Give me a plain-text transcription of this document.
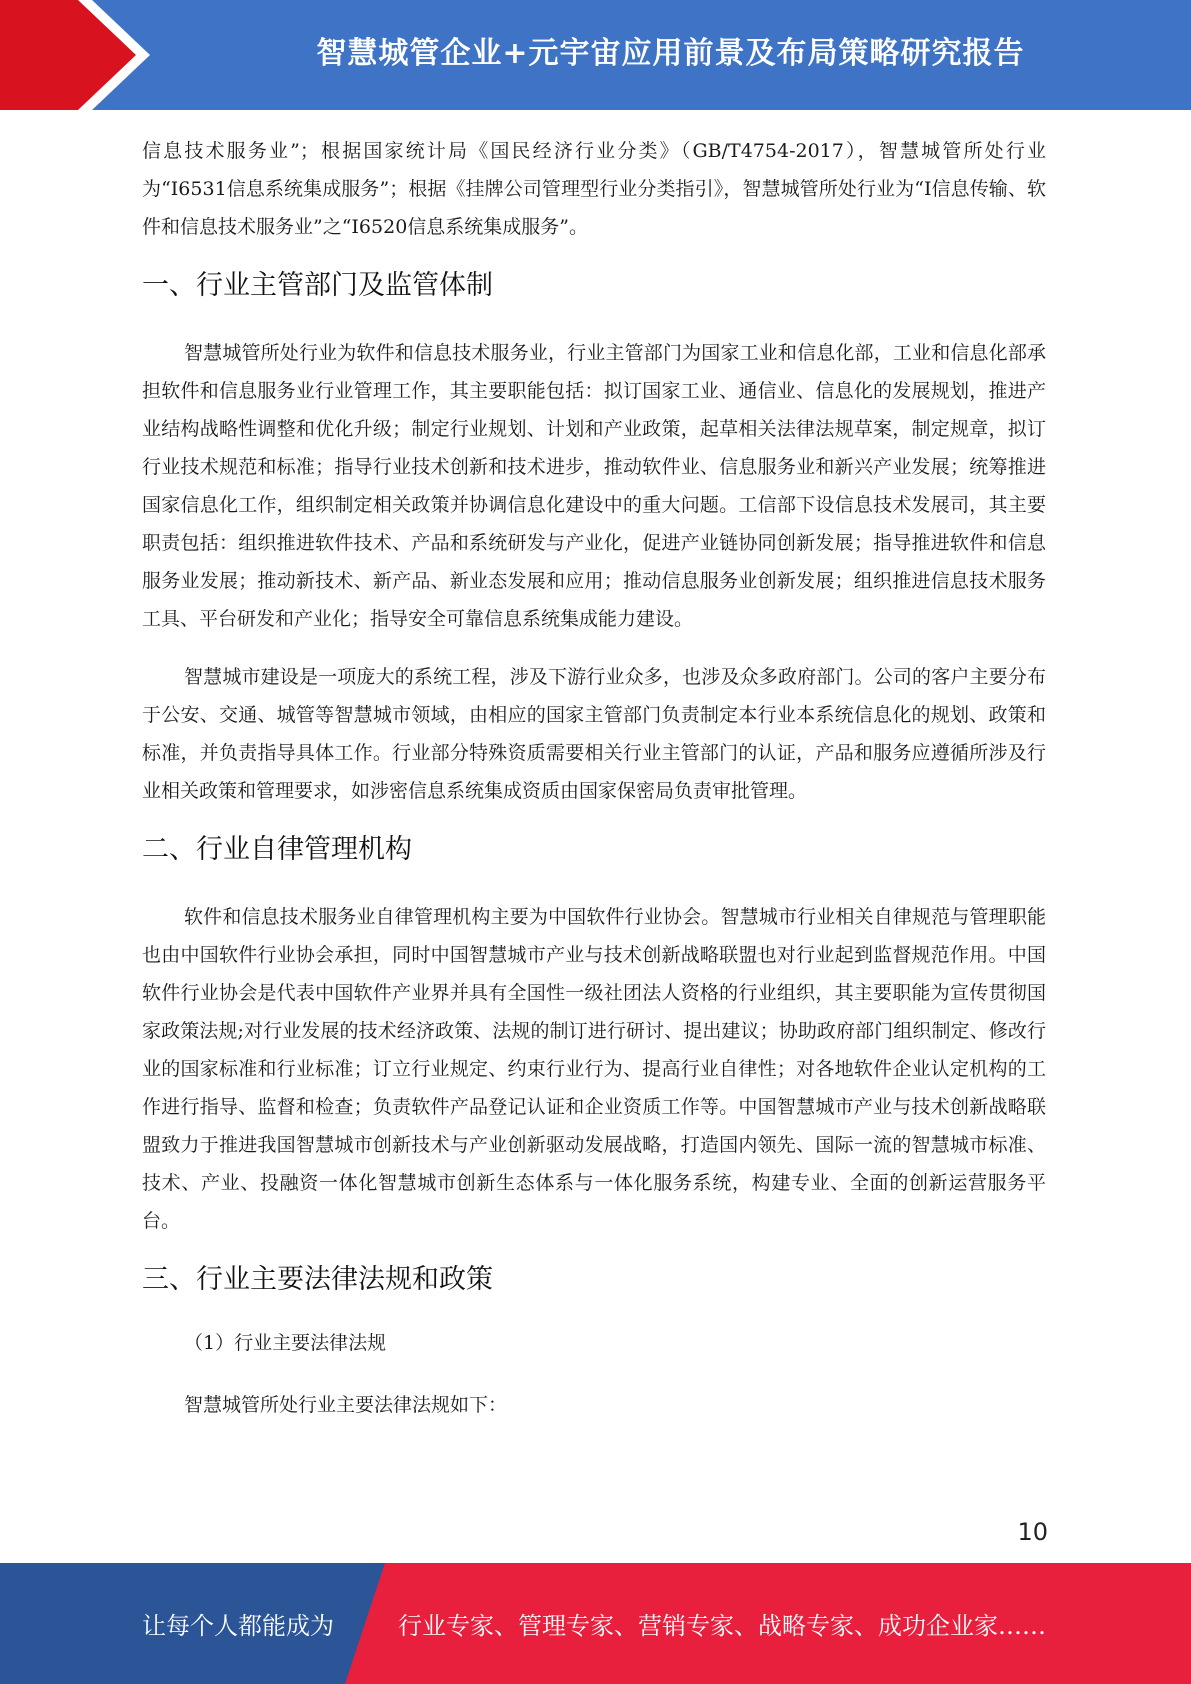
智慧城管企业+元宇宙应用前景及布局策略研究报告

信息技术服务业”；根据国家统计局《国民经济行业分类》（GB/T4754-2017），智慧城管所处行业为“I6531信息系统集成服务”；根据《挂牌公司管理型行业分类指引》，智慧城管所处行业为“I信息传输、软件和信息技术服务业”之“I6520信息系统集成服务”。

一、行业主管部门及监管体制

智慧城管所处行业为软件和信息技术服务业，行业主管部门为国家工业和信息化部，工业和信息化部承担软件和信息服务业行业管理工作，其主要职能包括：拟订国家工业、通信业、信息化的发展规划，推进产业结构战略性调整和优化升级；制定行业规划、计划和产业政策，起草相关法律法规草案，制定规章，拟订行业技术规范和标准；指导行业技术创新和技术进步，推动软件业、信息服务业和新兴产业发展；统筹推进国家信息化工作，组织制定相关政策并协调信息化建设中的重大问题。工信部下设信息技术发展司，其主要职责包括：组织推进软件技术、产品和系统研发与产业化，促进产业链协同创新发展；指导推进软件和信息服务业发展；推动新技术、新产品、新业态发展和应用；推动信息服务业创新发展；组织推进信息技术服务工具、平台研发和产业化；指导安全可靠信息系统集成能力建设。

智慧城市建设是一项庞大的系统工程，涉及下游行业众多，也涉及众多政府部门。公司的客户主要分布于公安、交通、城管等智慧城市领域，由相应的国家主管部门负责制定本行业本系统信息化的规划、政策和标准，并负责指导具体工作。行业部分特殊资质需要相关行业主管部门的认证，产品和服务应遵循所涉及行业相关政策和管理要求，如涉密信息系统集成资质由国家保密局负责审批管理。

二、行业自律管理机构

软件和信息技术服务业自律管理机构主要为中国软件行业协会。智慧城市行业相关自律规范与管理职能也由中国软件行业协会承担，同时中国智慧城市产业与技术创新战略联盟也对行业起到监督规范作用。中国软件行业协会是代表中国软件产业界并具有全国性一级社团法人资格的行业组织，其主要职能为宣传贯彻国家政策法规;对行业发展的技术经济政策、法规的制订进行研讨、提出建议；协助政府部门组织制定、修改行业的国家标准和行业标准；订立行业规定、约束行业行为、提高行业自律性；对各地软件企业认定机构的工作进行指导、监督和检查；负责软件产品登记认证和企业资质工作等。中国智慧城市产业与技术创新战略联盟致力于推进我国智慧城市创新技术与产业创新驱动发展战略，打造国内领先、国际一流的智慧城市标准、技术、产业、投融资一体化智慧城市创新生态体系与一体化服务系统，构建专业、全面的创新运营服务平台。

三、行业主要法律法规和政策

（1）行业主要法律法规

智慧城管所处行业主要法律法规如下：

10
让每个人都能成为	行业专家、管理专家、营销专家、战略专家、成功企业家……
